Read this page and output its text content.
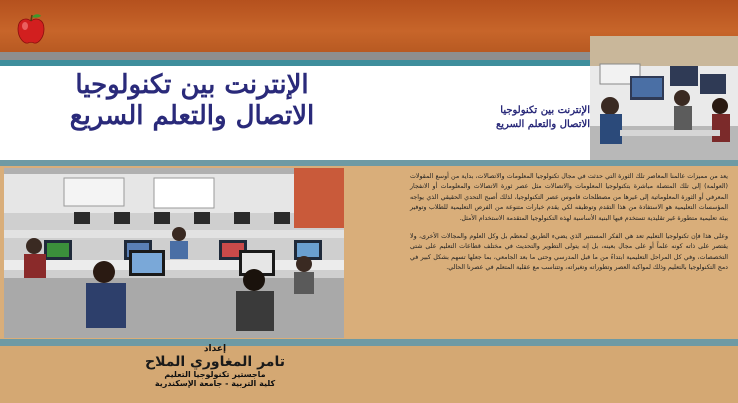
الإنترنت بين تكنولوجيا
الاتصال والتعلم السريع	الإنترنت بين تكنولوجيا
الاتصال والتعلم السريع

يعد من مميزات عالمنا المعاصر تلك الثورة التي حدثت في مجال تكنولوجيا المعلومات والاتصالات، بداية من أوسع المقولات (العولمة) إلى تلك المتصلة مباشرة بتكنولوجيا المعلومات والاتصالات مثل عصر ثورة الاتصالات والمعلومات أو الانفجار المعرفي أو الثورة المعلوماتية إلى غيرها من مصطلحات قاموس عصر التكنولوجيا، لذلك أصبح التحدي الحقيقي الذي يواجه المؤسسات التعليمية هو الاستفادة من هذا التقدم وتوظيفه لكي يقدم خيارات متنوعة من الفرص التعليمية للطلاب وتوفير بيئة تعليمية متطورة غير تقليدية تستخدم فيها البنية الأساسية لهذه التكنولوجيا المتقدمة الاستخدام الأمثل.

وعلى هذا فإن تكنولوجيا التعليم تعد هي الفكر المستنير الذي يضيء الطريق لمعظم بل وكل العلوم والمجالات الأخرى، ولا يقتصر على ذاته كونه علماً أو على مجال بعينه، بل إنه يتولى التطوير والتحديث في مختلف قطاعات التعليم على شتى التخصصات، وفي كل المراحل التعليمية ابتداءً من ما قبل المدرسي وحتى ما بعد الجامعي، بما جعلها تسهم بشكل كبير في دمج التكنولوجيا بالتعليم وذلك لمواكبة العصر وتطوراته وتغيراته، وتتناسب مع عقلية المتعلم في عصرنا الحالي.

إعداد
تامر المغاوري الملاح
ماجستير تكنولوجيا التعليم
كلية التربية - جامعة الإسكندرية
